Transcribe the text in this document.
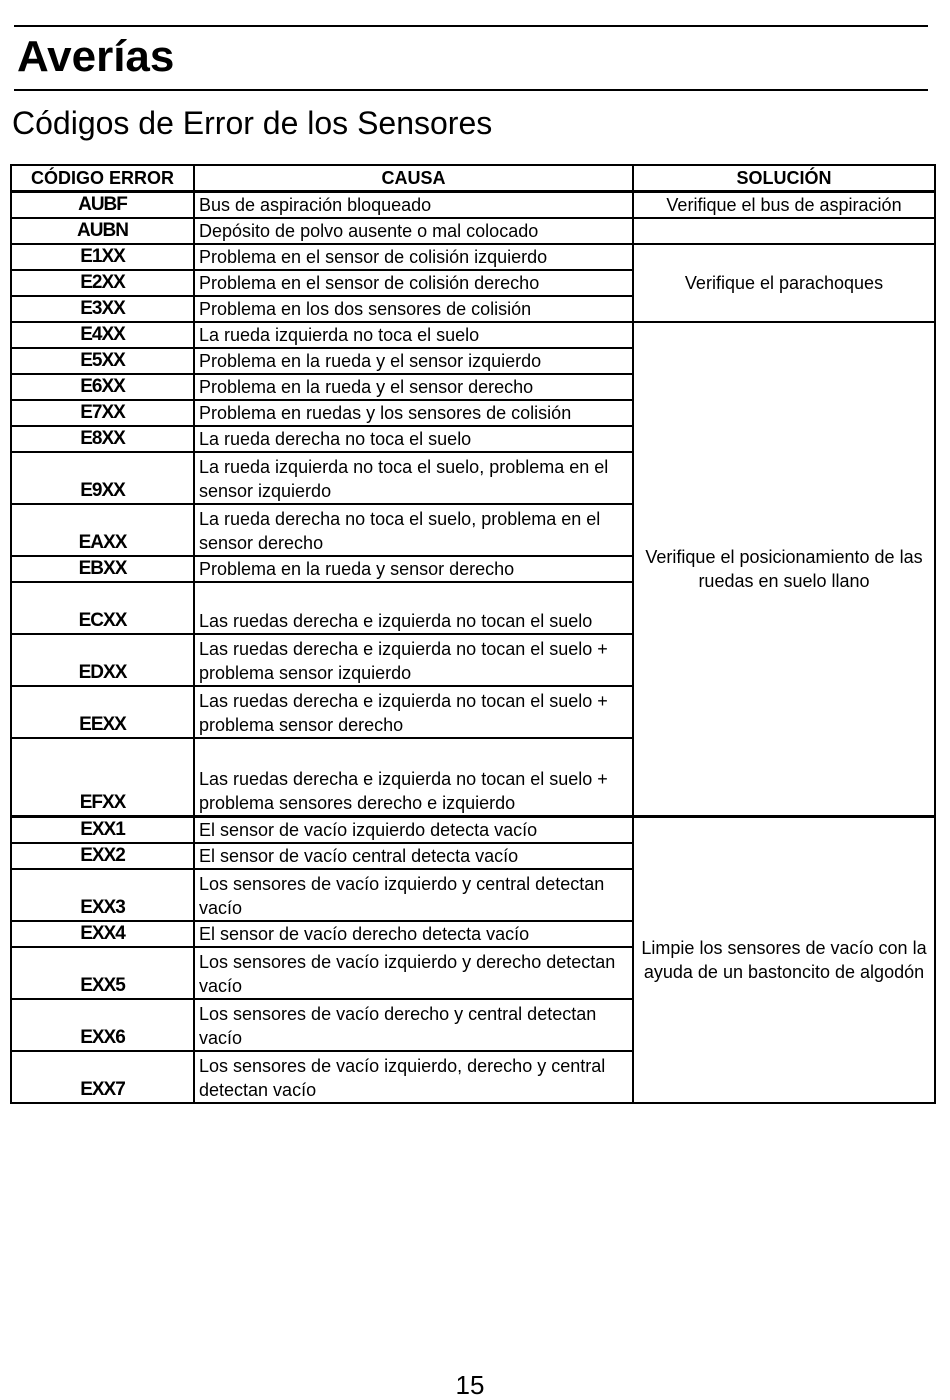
Averías
Códigos de Error de los Sensores
CÓDIGO ERROR	CAUSA	SOLUCIÓN
AUBF	Bus de aspiración bloqueado	Verifique el bus de aspiración
AUBN	Depósito de polvo ausente o mal colocado	
E1XX	Problema en el sensor de colisión izquierdo	Verifique el parachoques
E2XX	Problema en el sensor de colisión derecho	
E3XX	Problema en los dos sensores de colisión	
E4XX	La rueda izquierda no toca el suelo	Verifique el posicionamiento de las ruedas en suelo llano
E5XX	Problema en la rueda y el sensor izquierdo	
E6XX	Problema en la rueda y el sensor derecho	
E7XX	Problema en ruedas y los sensores de colisión	
E8XX	La rueda derecha no toca el suelo	
E9XX	La rueda izquierda no toca el suelo, problema en el sensor izquierdo	
EAXX	La rueda derecha no toca el suelo, problema en el sensor derecho	
EBXX	Problema en la rueda y sensor derecho	
ECXX	Las ruedas derecha e izquierda no tocan el suelo	
EDXX	Las ruedas derecha e izquierda no tocan el suelo + problema sensor izquierdo	
EEXX	Las ruedas derecha e izquierda no tocan el suelo + problema sensor derecho	
EFXX	Las ruedas derecha e izquierda no tocan el suelo + problema sensores derecho e izquierdo	
EXX1	El sensor de vacío izquierdo detecta vacío	Limpie los sensores de vacío con la ayuda de un bastoncito de algodón
EXX2	El sensor de vacío central detecta vacío	
EXX3	Los sensores de vacío izquierdo y central detectan vacío	
EXX4	El sensor de vacío derecho detecta vacío	
EXX5	Los sensores de vacío izquierdo y derecho detectan vacío	
EXX6	Los sensores de vacío derecho y central detectan vacío	
EXX7	Los sensores de vacío izquierdo, derecho y central detectan vacío	
15
